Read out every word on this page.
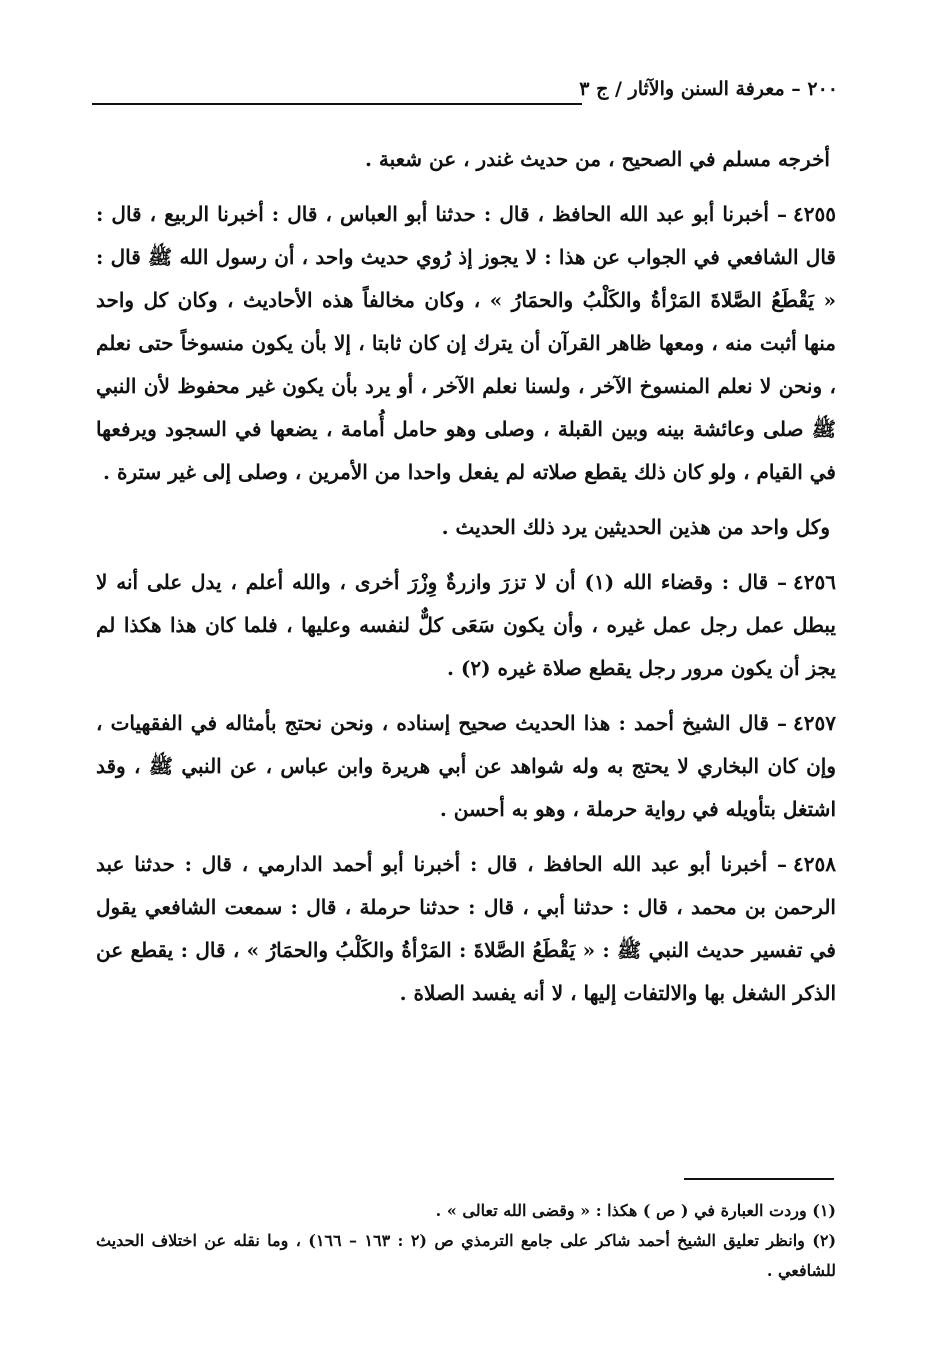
٢٠٠ – معرفة السنن والآثار / ج ٣

أخرجه مسلم في الصحيح ، من حديث غندر ، عن شعبة .

٤٢٥٥– أخبرنا أبو عبد الله الحافظ ، قال : حدثنا أبو العباس ، قال : أخبرنا الربيع ، قال : قال الشافعي في الجواب عن هذا : لا يجوز إذ رُوي حديث واحد ، أن رسول الله ﷺ قال : « يَقْطَعُ الصَّلاةَ المَرْأةُ والكَلْبُ والحمَارُ » ، وكان مخالفاً هذه الأحاديث ، وكان كل واحد منها أثبت منه ، ومعها ظاهر القرآن أن يترك إن كان ثابتا ، إلا بأن يكون منسوخاً حتى نعلم ، ونحن لا نعلم المنسوخ الآخر ، ولسنا نعلم الآخر ، أو يرد بأن يكون غير محفوظ لأن النبي ﷺ صلى وعائشة بينه وبين القبلة ، وصلى وهو حامل أُمامة ، يضعها في السجود ويرفعها في القيام ، ولو كان ذلك يقطع صلاته لم يفعل واحدا من الأمرين ، وصلى إلى غير سترة .

وكل واحد من هذين الحديثين يرد ذلك الحديث .

٤٢٥٦– قال : وقضاء الله (١) أن لا تزرَ وازرةٌ وِزْرَ أخرى ، والله أعلم ، يدل على أنه لا يبطل عمل رجل عمل غيره ، وأن يكون سَعَى كلٌّ لنفسه وعليها ، فلما كان هذا هكذا لم يجز أن يكون مرور رجل يقطع صلاة غيره (٢) .

٤٢٥٧– قال الشيخ أحمد : هذا الحديث صحيح إسناده ، ونحن نحتج بأمثاله في الفقهيات ، وإن كان البخاري لا يحتج به وله شواهد عن أبي هريرة وابن عباس ، عن النبي ﷺ ، وقد اشتغل بتأويله في رواية حرملة ، وهو به أحسن .

٤٢٥٨– أخبرنا أبو عبد الله الحافظ ، قال : أخبرنا أبو أحمد الدارمي ، قال : حدثنا عبد الرحمن بن محمد ، قال : حدثنا أبي ، قال : حدثنا حرملة ، قال : سمعت الشافعي يقول في تفسير حديث النبي ﷺ : « يَقْطَعُ الصَّلاةَ : المَرْأةُ والكَلْبُ والحمَارُ » ، قال : يقطع عن الذكر الشغل بها والالتفات إليها ، لا أنه يفسد الصلاة .

(١) وردت العبارة في ( ص ) هكذا : « وقضى الله تعالى » .

(٢) وانظر تعليق الشيخ أحمد شاكر على جامع الترمذي ص (٢ : ١٦٣ – ١٦٦) ، وما نقله عن اختلاف الحديث للشافعي .
